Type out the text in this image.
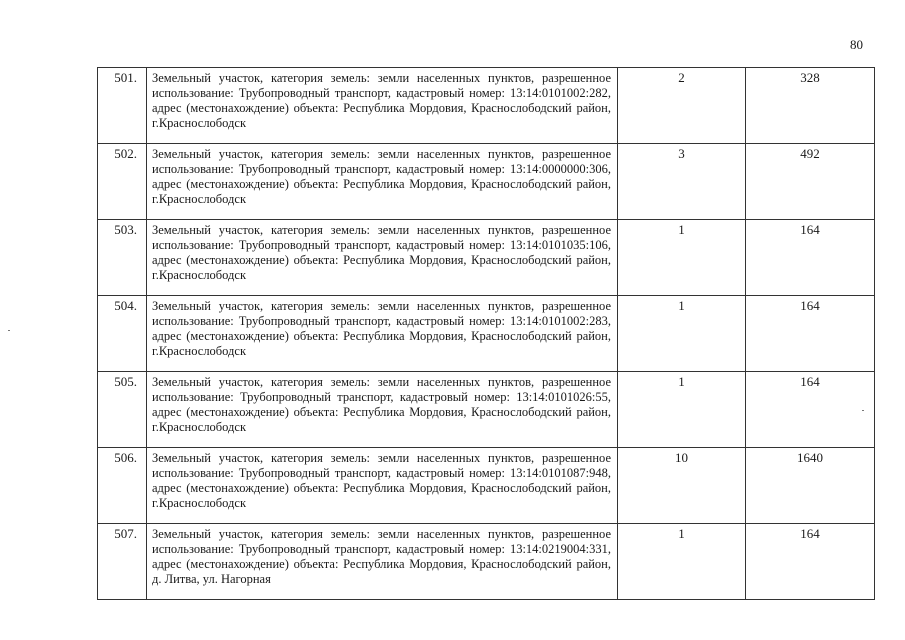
80
501.	Земельный участок, категория земель: земли населенных пунктов, разрешенное использование: Трубопроводный транспорт, кадастровый номер: 13:14:0101002:282, адрес (местонахождение) объекта: Республика Мордовия, Краснослободский район, г.Краснослободск	2	328
502.	Земельный участок, категория земель: земли населенных пунктов, разрешенное использование: Трубопроводный транспорт, кадастровый номер: 13:14:0000000:306, адрес (местонахождение) объекта: Республика Мордовия, Краснослободский район, г.Краснослободск	3	492
503.	Земельный участок, категория земель: земли населенных пунктов, разрешенное использование: Трубопроводный транспорт, кадастровый номер: 13:14:0101035:106, адрес (местонахождение) объекта: Республика Мордовия, Краснослободский район, г.Краснослободск	1	164
504.	Земельный участок, категория земель: земли населенных пунктов, разрешенное использование: Трубопроводный транспорт, кадастровый номер: 13:14:0101002:283, адрес (местонахождение) объекта: Республика Мордовия, Краснослободский район, г.Краснослободск	1	164
505.	Земельный участок, категория земель: земли населенных пунктов, разрешенное использование: Трубопроводный транспорт, кадастровый номер: 13:14:0101026:55, адрес (местонахождение) объекта: Республика Мордовия, Краснослободский район, г.Краснослободск	1	164
506.	Земельный участок, категория земель: земли населенных пунктов, разрешенное использование: Трубопроводный транспорт, кадастровый номер: 13:14:0101087:948, адрес (местонахождение) объекта: Республика Мордовия, Краснослободский район, г.Краснослободск	10	1640
507.	Земельный участок, категория земель: земли населенных пунктов, разрешенное использование: Трубопроводный транспорт, кадастровый номер: 13:14:0219004:331, адрес (местонахождение) объекта: Республика Мордовия, Краснослободский район, д. Литва, ул. Нагорная	1	164
